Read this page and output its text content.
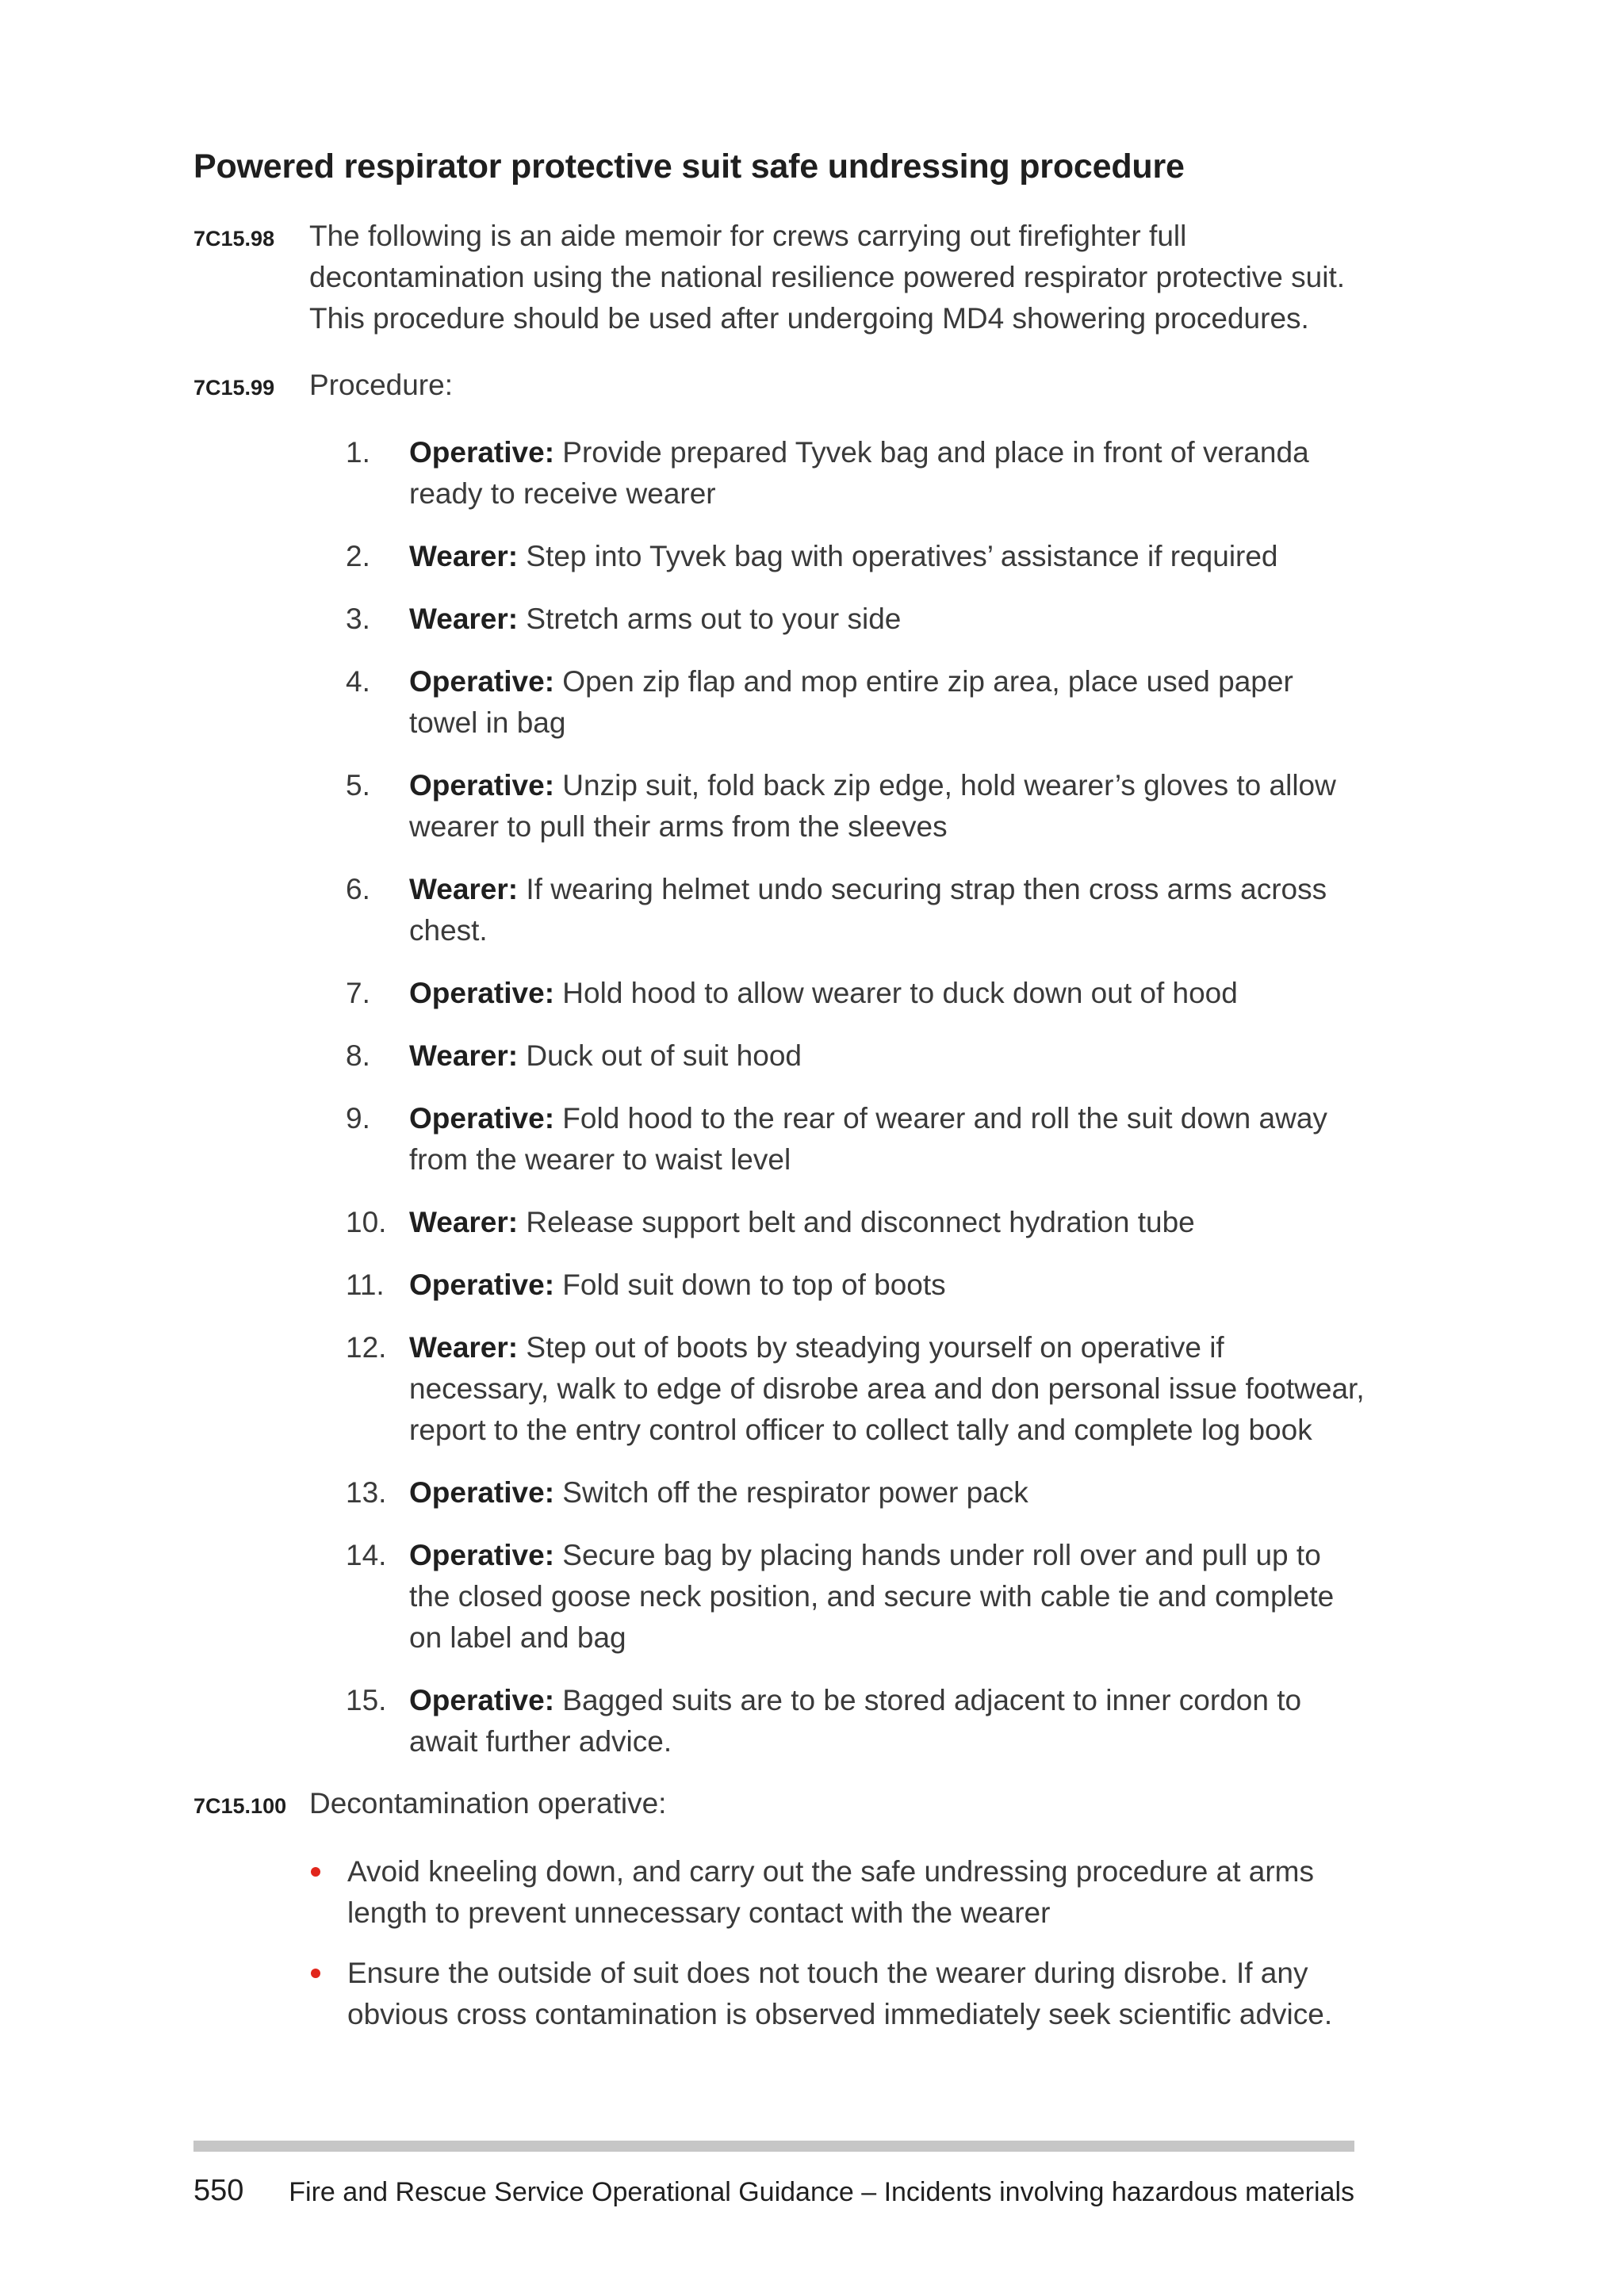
Powered respirator protective suit safe undressing procedure
7C15.98 The following is an aide memoir for crews carrying out firefighter full decontamination using the national resilience powered respirator protective suit. This procedure should be used after undergoing MD4 showering procedures.
7C15.99 Procedure:
1.	Operative: Provide prepared Tyvek bag and place in front of veranda ready to receive wearer
2.	Wearer: Step into Tyvek bag with operatives’ assistance if required
3.	Wearer: Stretch arms out to your side
4.	Operative: Open zip flap and mop entire zip area, place used paper towel in bag
5.	Operative: Unzip suit, fold back zip edge, hold wearer’s gloves to allow wearer to pull their arms from the sleeves
6.	Wearer: If wearing helmet undo securing strap then cross arms across chest.
7.	Operative: Hold hood to allow wearer to duck down out of hood
8.	Wearer: Duck out of suit hood
9.	Operative: Fold hood to the rear of wearer and roll the suit down away from the wearer to waist level
10. Wearer: Release support belt and disconnect hydration tube
11. Operative: Fold suit down to top of boots
12. Wearer: Step out of boots by steadying yourself on operative if necessary, walk to edge of disrobe area and don personal issue footwear, report to the entry control officer to collect tally and complete log book
13. Operative: Switch off the respirator power pack
14. Operative: Secure bag by placing hands under roll over and pull up to the closed goose neck position, and secure with cable tie and complete on label and bag
15. Operative: Bagged suits are to be stored adjacent to inner cordon to await further advice.
7C15.100 Decontamination operative:
Avoid kneeling down, and carry out the safe undressing procedure at arms length to prevent unnecessary contact with the wearer
Ensure the outside of suit does not touch the wearer during disrobe. If any obvious cross contamination is observed immediately seek scientific advice.
550 Fire and Rescue Service Operational Guidance – Incidents involving hazardous materials
